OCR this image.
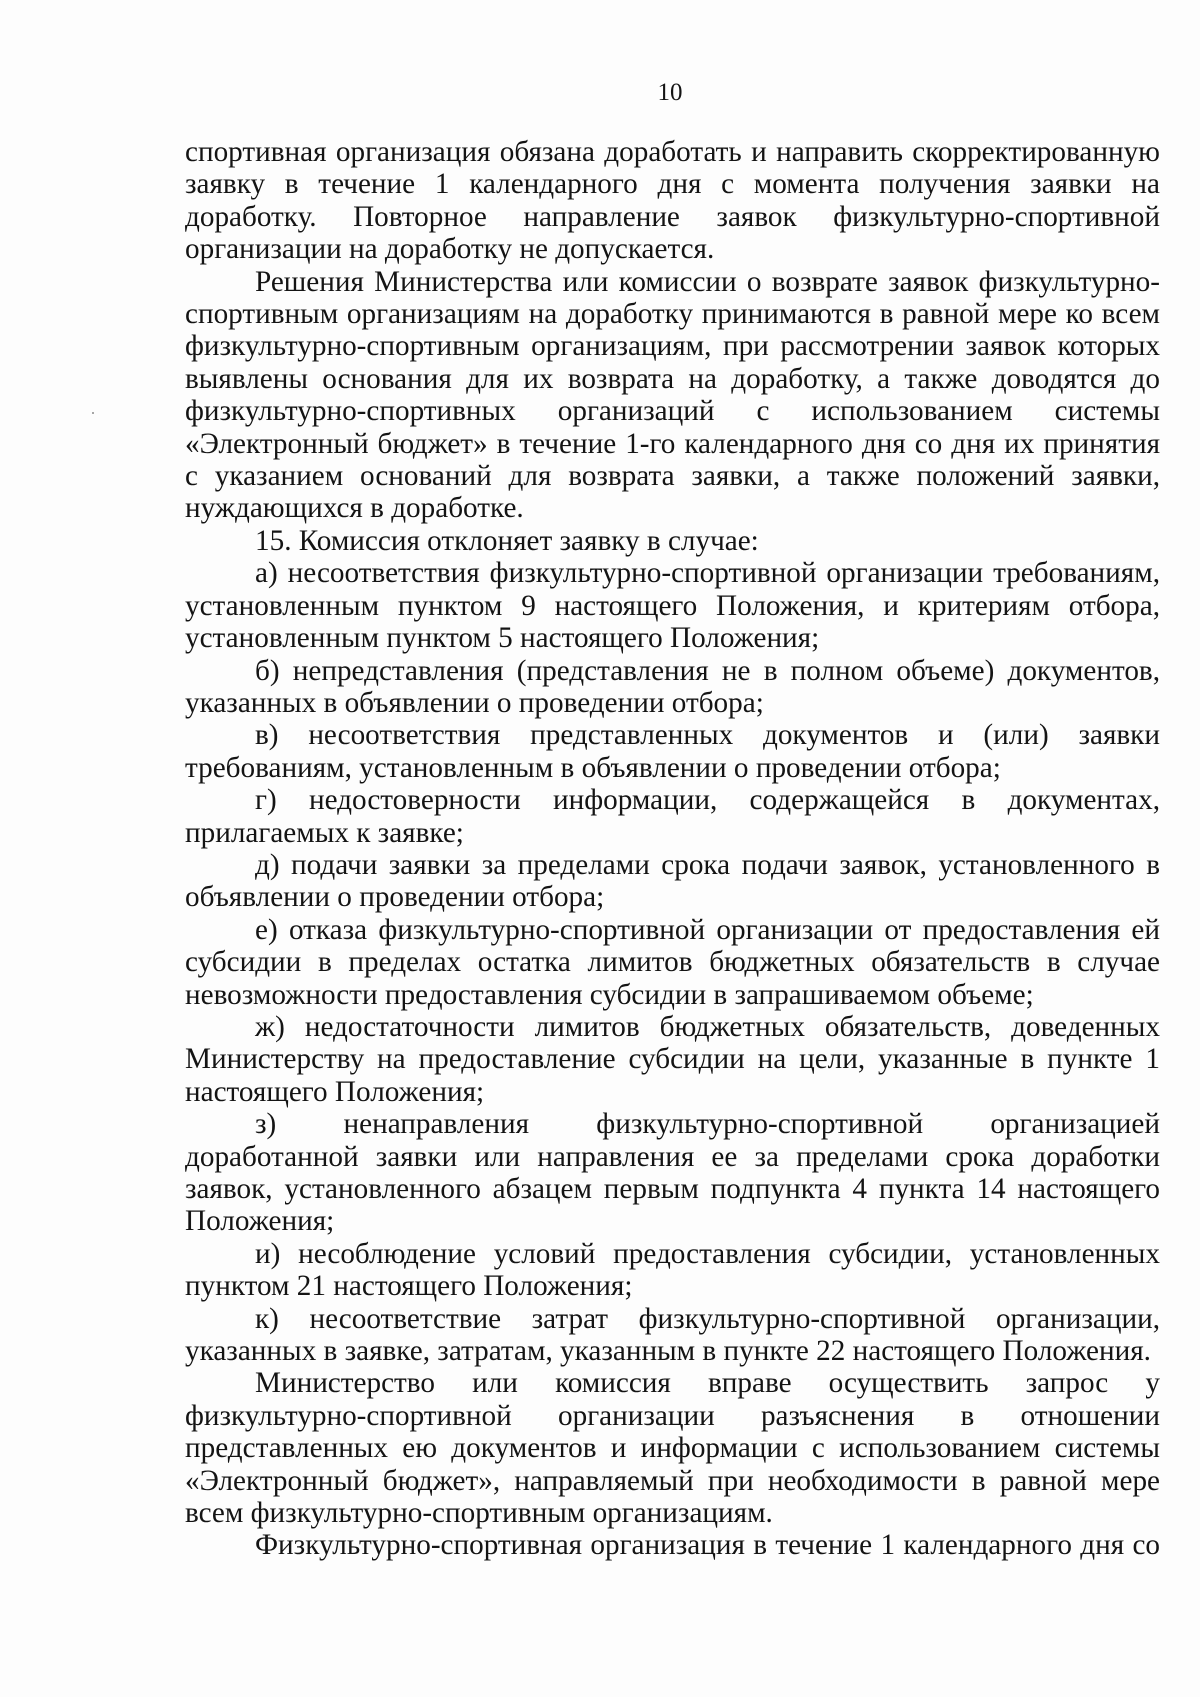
10

спортивная организация обязана доработать и направить скорректированную заявку в течение 1 календарного дня с момента получения заявки на доработку. Повторное направление заявок физкультурно-спортивной организации на доработку не допускается.

Решения Министерства или комиссии о возврате заявок физкультурно-спортивным организациям на доработку принимаются в равной мере ко всем физкультурно-спортивным организациям, при рассмотрении заявок которых выявлены основания для их возврата на доработку, а также доводятся до физкультурно-спортивных организаций с использованием системы «Электронный бюджет» в течение 1-го календарного дня со дня их принятия с указанием оснований для возврата заявки, а также положений заявки, нуждающихся в доработке.

15. Комиссия отклоняет заявку в случае:

а) несоответствия физкультурно-спортивной организации требованиям, установленным пунктом 9 настоящего Положения, и критериям отбора, установленным пунктом 5 настоящего Положения;

б) непредставления (представления не в полном объеме) документов, указанных в объявлении о проведении отбора;

в) несоответствия представленных документов и (или) заявки требованиям, установленным в объявлении о проведении отбора;

г) недостоверности информации, содержащейся в документах, прилагаемых к заявке;

д) подачи заявки за пределами срока подачи заявок, установленного в объявлении о проведении отбора;

е) отказа физкультурно-спортивной организации от предоставления ей субсидии в пределах остатка лимитов бюджетных обязательств в случае невозможности предоставления субсидии в запрашиваемом объеме;

ж) недостаточности лимитов бюджетных обязательств, доведенных Министерству на предоставление субсидии на цели, указанные в пункте 1 настоящего Положения;

з) ненаправления физкультурно-спортивной организацией доработанной заявки или направления ее за пределами срока доработки заявок, установленного абзацем первым подпункта 4 пункта 14 настоящего Положения;

и) несоблюдение условий предоставления субсидии, установленных пунктом 21 настоящего Положения;

к) несоответствие затрат физкультурно-спортивной организации, указанных в заявке, затратам, указанным в пункте 22 настоящего Положения.

Министерство или комиссия вправе осуществить запрос у физкультурно-спортивной организации разъяснения в отношении представленных ею документов и информации с использованием системы «Электронный бюджет», направляемый при необходимости в равной мере всем физкультурно-спортивным организациям.

Физкультурно-спортивная организация в течение 1 календарного дня со
